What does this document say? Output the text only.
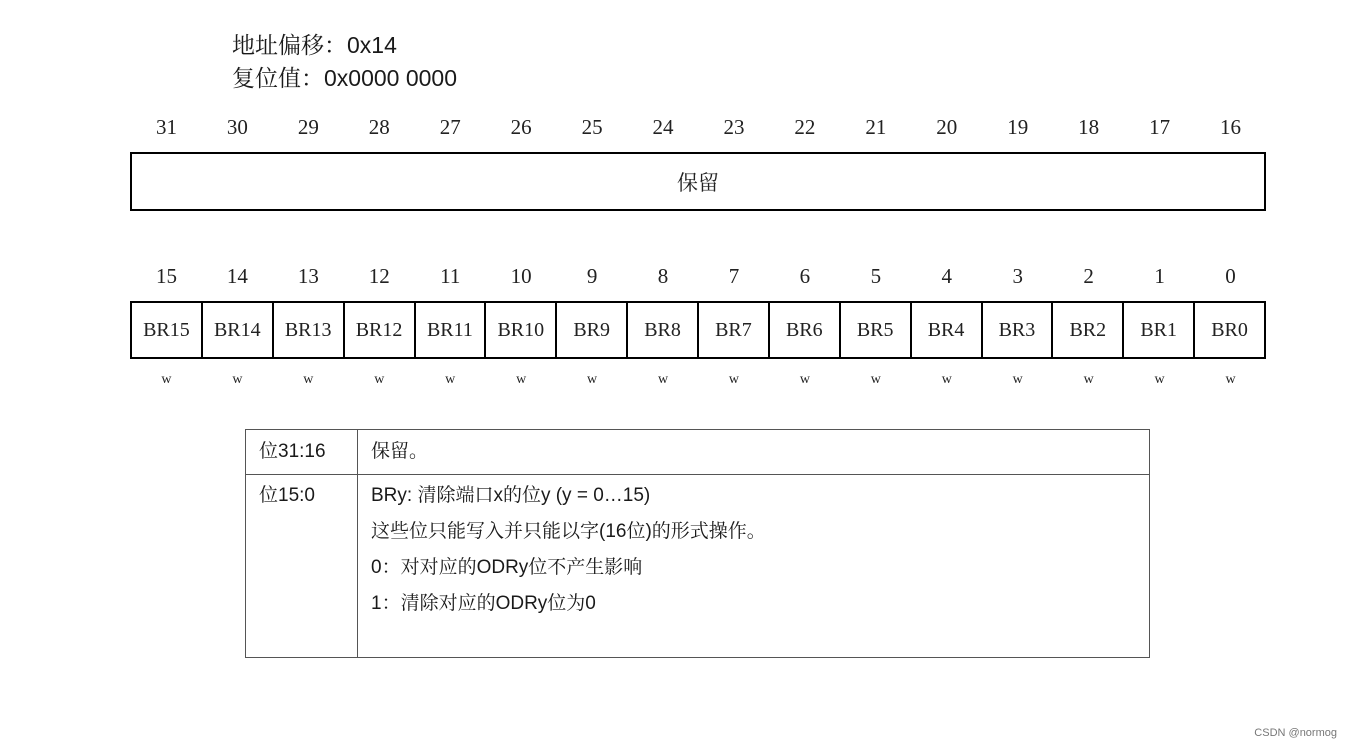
地址偏移：0x14
复位值：0x0000 0000
31	30	29	28	27	26	25	24	23	22	21	20	19	18	17	16
保留
15	14	13	12	11	10	9	8	7	6	5	4	3	2	1	0
BR15	BR14	BR13	BR12	BR11	BR10	BR9	BR8	BR7	BR6	BR5	BR4	BR3	BR2	BR1	BR0
w	w	w	w	w	w	w	w	w	w	w	w	w	w	w	w
位31:16 保留。
位15:0	BRy: 清除端口x的位y (y = 0…15)
这些位只能写入并只能以字(16位)的形式操作。
0：对对应的ODRy位不产生影响
1：清除对应的ODRy位为0
CSDN @normog
